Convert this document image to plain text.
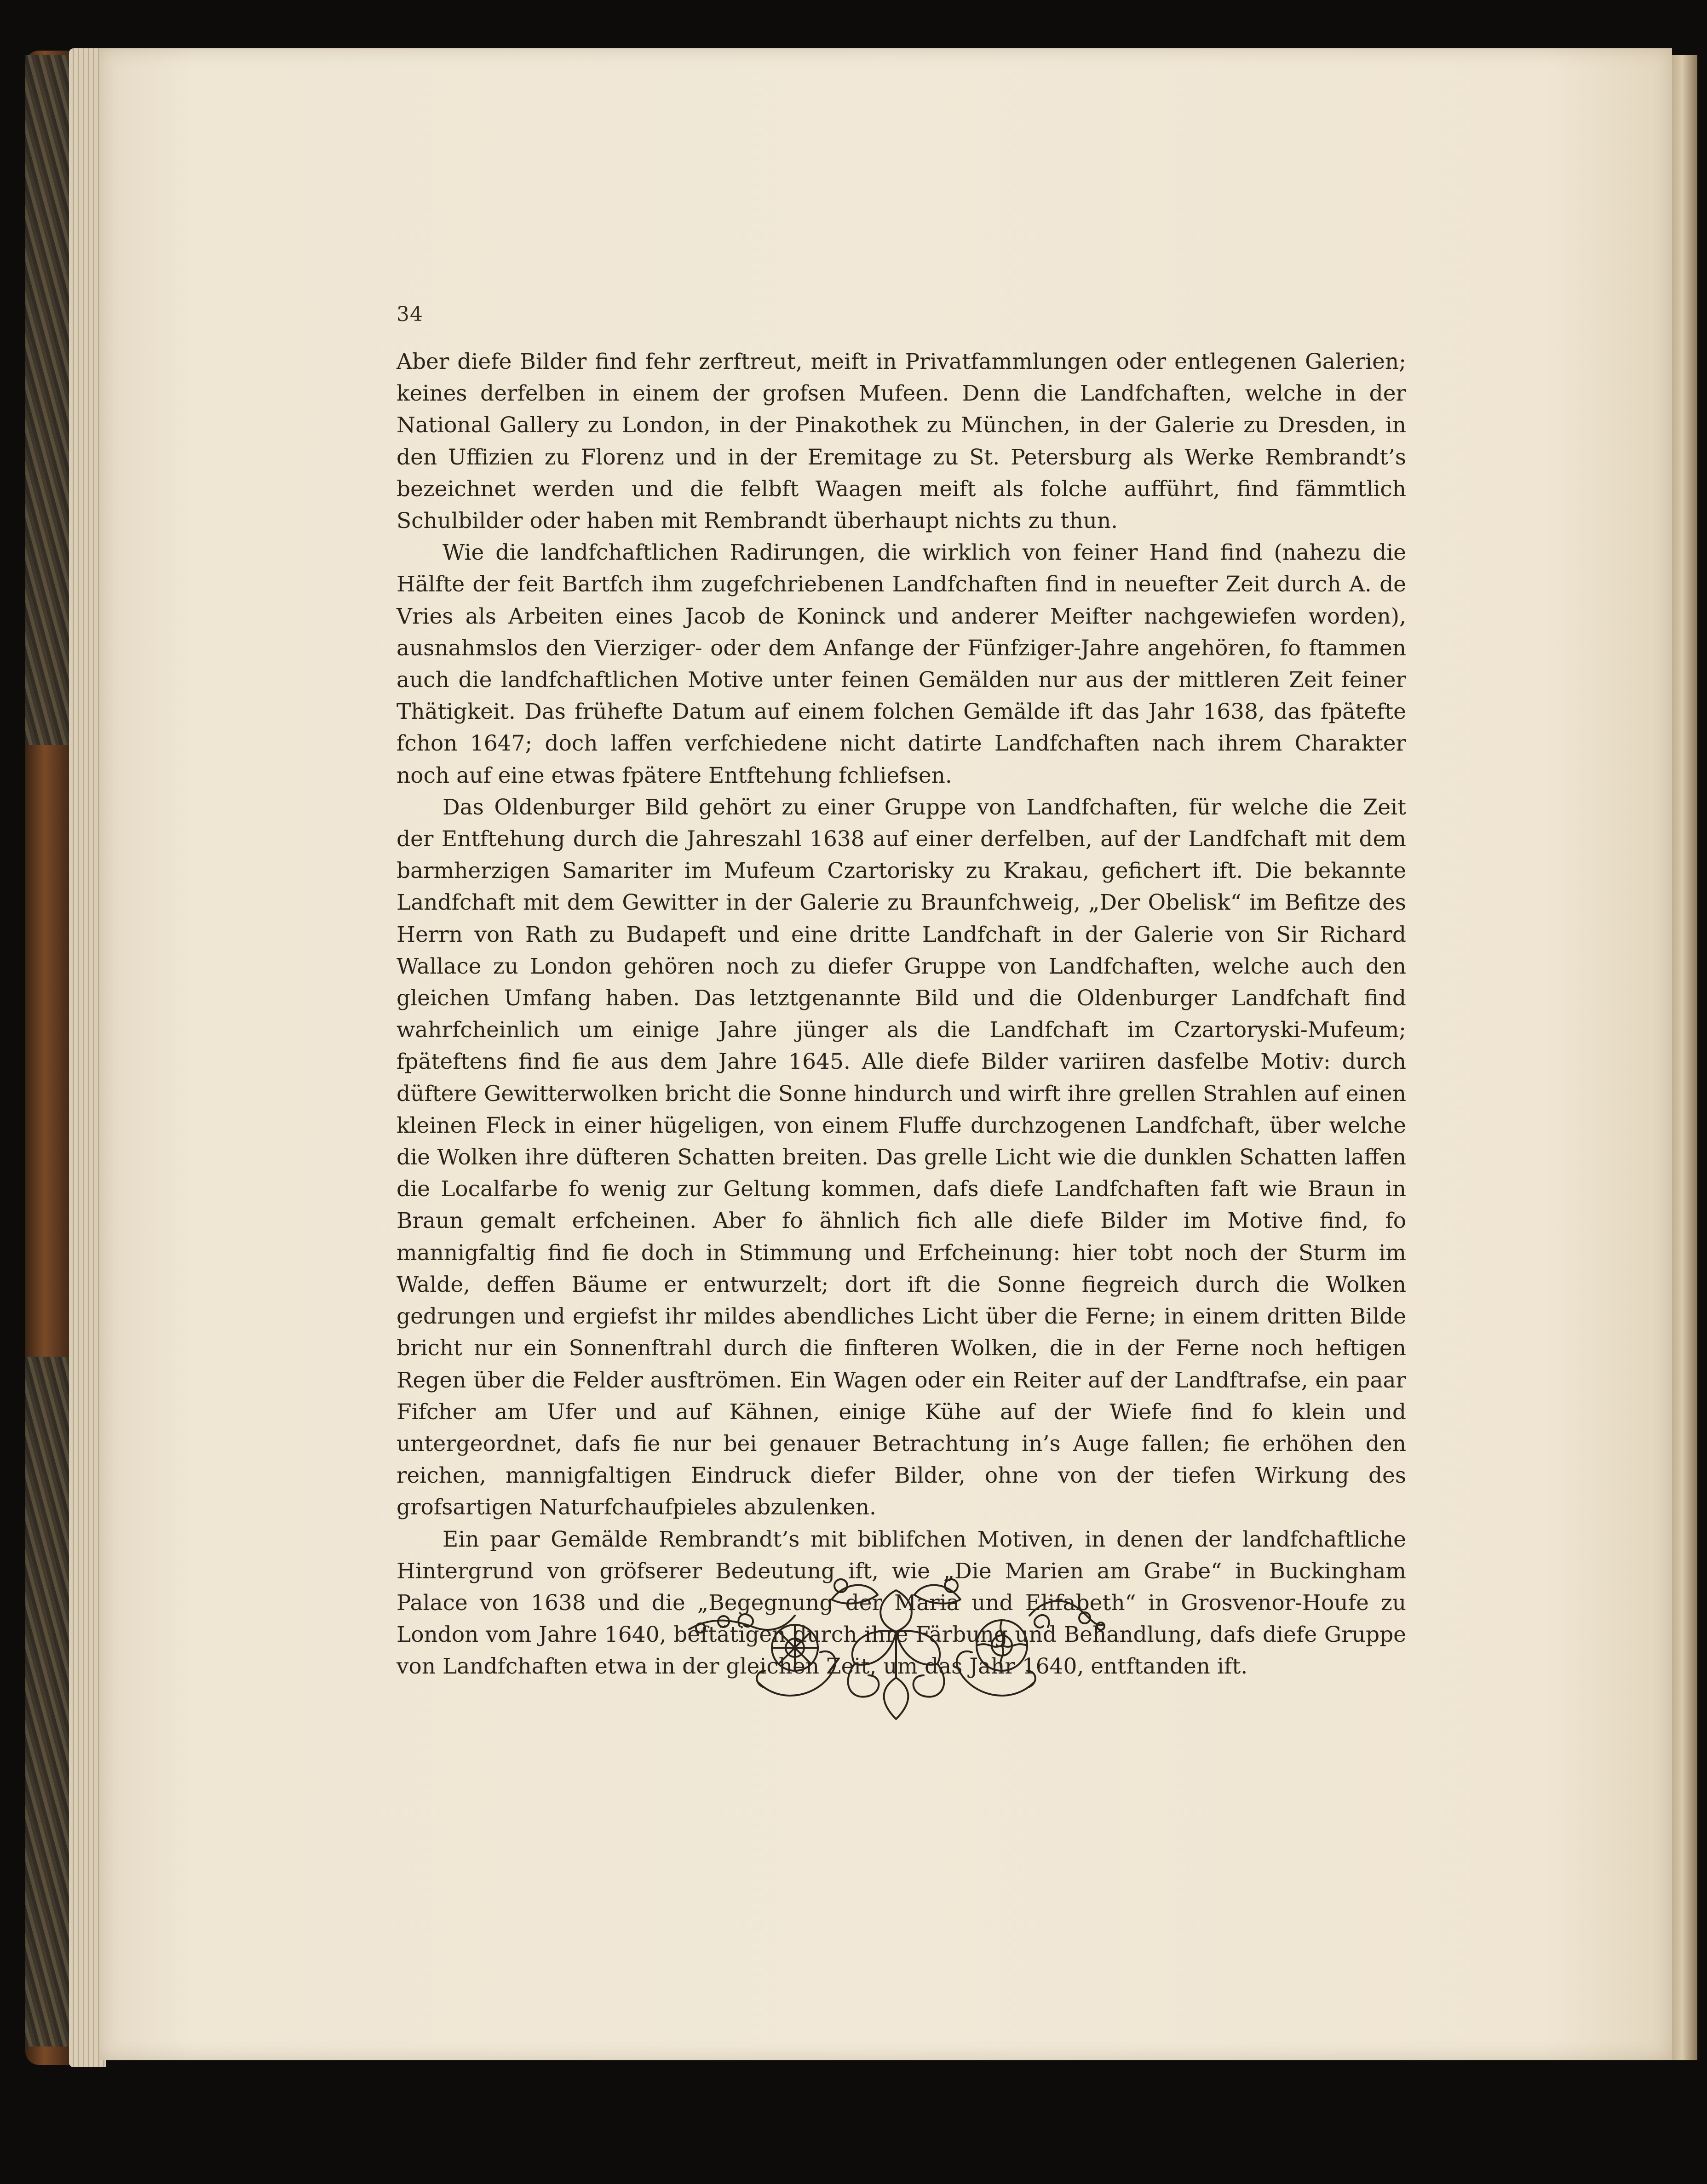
34

Aber diefe Bilder find fehr zerftreut, meift in Privatfammlungen oder entlegenen Galerien; keines derfelben in einem der grofsen Mufeen. Denn die Landfchaften, welche in der National Gallery zu London, in der Pinakothek zu München, in der Galerie zu Dresden, in den Uffizien zu Florenz und in der Eremitage zu St. Petersburg als Werke Rembrandt’s bezeichnet werden und die felbft Waagen meift als folche aufführt, find fämmtlich Schulbilder oder haben mit Rembrandt überhaupt nichts zu thun.

Wie die landfchaftlichen Radirungen, die wirklich von feiner Hand find (nahezu die Hälfte der feit Bartfch ihm zugefchriebenen Landfchaften find in neuefter Zeit durch A. de Vries als Arbeiten eines Jacob de Koninck und anderer Meifter nachgewiefen worden), ausnahmslos den Vierziger- oder dem Anfange der Fünfziger-Jahre angehören, fo ftammen auch die landfchaftlichen Motive unter feinen Gemälden nur aus der mittleren Zeit feiner Thätigkeit. Das frühefte Datum auf einem folchen Gemälde ift das Jahr 1638, das fpätefte fchon 1647; doch laffen verfchiedene nicht datirte Landfchaften nach ihrem Charakter noch auf eine etwas fpätere Entftehung fchliefsen.

Das Oldenburger Bild gehört zu einer Gruppe von Landfchaften, für welche die Zeit der Entftehung durch die Jahreszahl 1638 auf einer derfelben, auf der Landfchaft mit dem barmherzigen Samariter im Mufeum Czartorisky zu Krakau, gefichert ift. Die bekannte Landfchaft mit dem Gewitter in der Galerie zu Braunfchweig, „Der Obelisk“ im Befitze des Herrn von Rath zu Budapeft und eine dritte Landfchaft in der Galerie von Sir Richard Wallace zu London gehören noch zu diefer Gruppe von Landfchaften, welche auch den gleichen Umfang haben. Das letztgenannte Bild und die Oldenburger Landfchaft find wahrfcheinlich um einige Jahre jünger als die Landfchaft im Czartoryski-Mufeum; fpäteftens find fie aus dem Jahre 1645. Alle diefe Bilder variiren dasfelbe Motiv: durch düftere Gewitterwolken bricht die Sonne hindurch und wirft ihre grellen Strahlen auf einen kleinen Fleck in einer hügeligen, von einem Fluffe durchzogenen Landfchaft, über welche die Wolken ihre düfteren Schatten breiten. Das grelle Licht wie die dunklen Schatten laffen die Localfarbe fo wenig zur Geltung kommen, dafs diefe Landfchaften faft wie Braun in Braun gemalt erfcheinen. Aber fo ähnlich fich alle diefe Bilder im Motive find, fo mannigfaltig find fie doch in Stimmung und Erfcheinung: hier tobt noch der Sturm im Walde, deffen Bäume er entwurzelt; dort ift die Sonne fiegreich durch die Wolken gedrungen und ergiefst ihr mildes abendliches Licht über die Ferne; in einem dritten Bilde bricht nur ein Sonnenftrahl durch die finfteren Wolken, die in der Ferne noch heftigen Regen über die Felder ausftrömen. Ein Wagen oder ein Reiter auf der Landftrafse, ein paar Fifcher am Ufer und auf Kähnen, einige Kühe auf der Wiefe find fo klein und untergeordnet, dafs fie nur bei genauer Betrachtung in’s Auge fallen; fie erhöhen den reichen, mannigfaltigen Eindruck diefer Bilder, ohne von der tiefen Wirkung des grofsartigen Naturfchaufpieles abzulenken.

Ein paar Gemälde Rembrandt’s mit biblifchen Motiven, in denen der landfchaftliche Hintergrund von gröfserer Bedeutung ift, wie „Die Marien am Grabe“ in Buckingham Palace von 1638 und die „Begegnung der Maria und Elifabeth“ in Grosvenor-Houfe zu London vom Jahre 1640, beftätigen durch ihre Färbung und Behandlung, dafs diefe Gruppe von Landfchaften etwa in der gleichen Zeit, um das Jahr 1640, entftanden ift.
